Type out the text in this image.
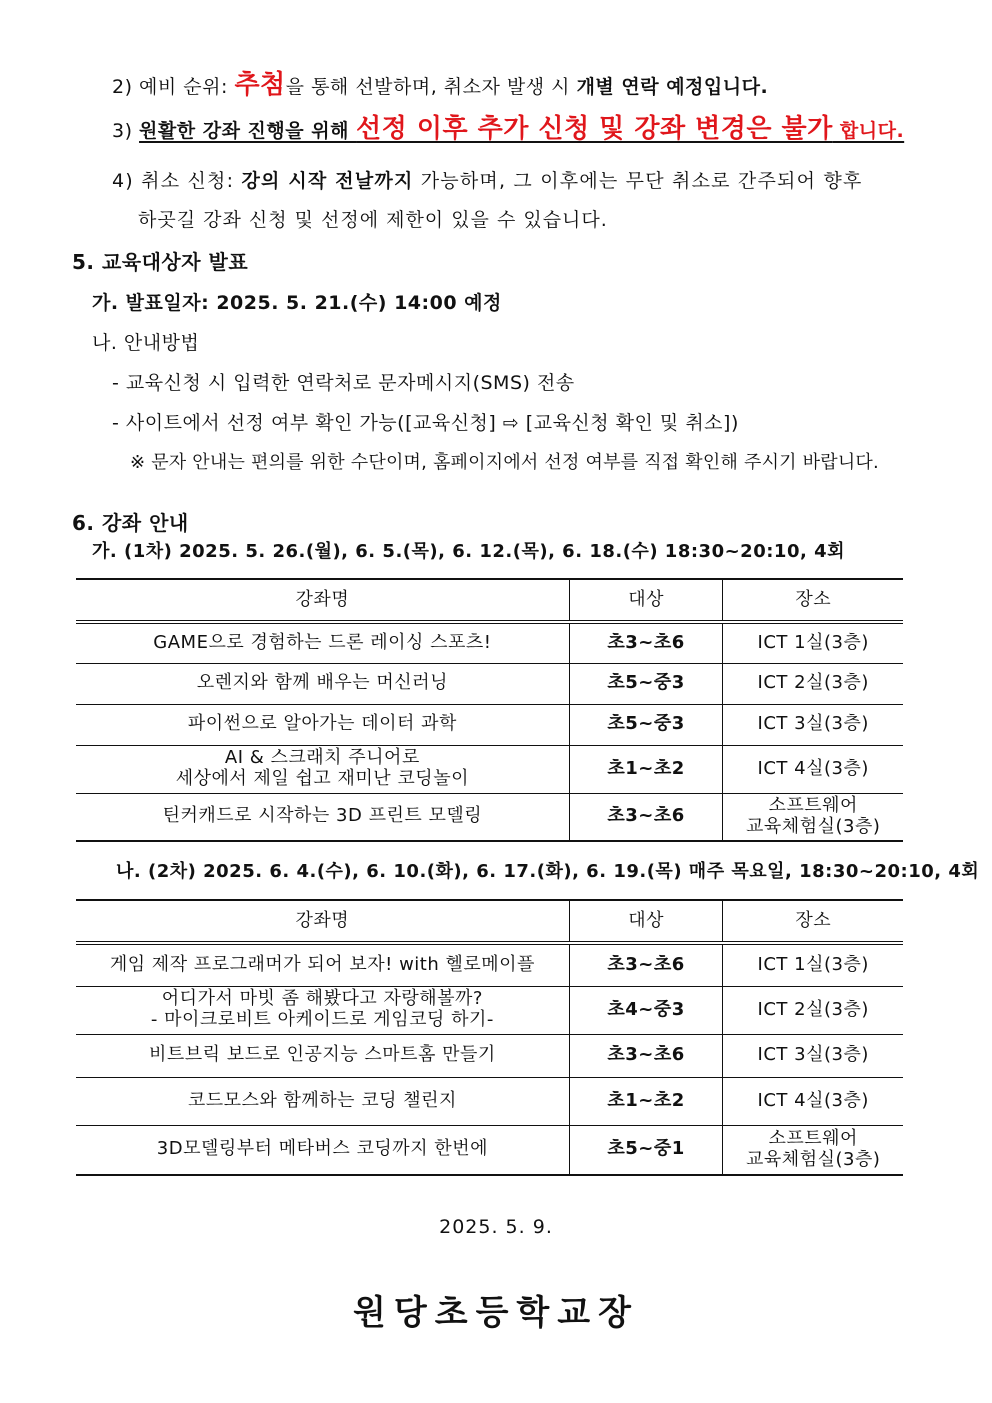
2) 예비 순위: 추첨을 통해 선발하며, 취소자 발생 시 개별 연락 예정입니다.
3) 원활한 강좌 진행을 위해 선정 이후 추가 신청 및 강좌 변경은 불가 합니다.
4) 취소 신청: 강의 시작 전날까지 가능하며, 그 이후에는 무단 취소로 간주되어 향후
하곳길 강좌 신청 및 선정에 제한이 있을 수 있습니다.
5. 교육대상자 발표
가. 발표일자: 2025. 5. 21.(수) 14:00 예정
나. 안내방법
- 교육신청 시 입력한 연락처로 문자메시지(SMS) 전송
- 사이트에서 선정 여부 확인 가능([교육신청] ⇨ [교육신청 확인 및 취소])
※ 문자 안내는 편의를 위한 수단이며, 홈페이지에서 선정 여부를 직접 확인해 주시기 바랍니다.
6. 강좌 안내
가. (1차) 2025. 5. 26.(월), 6. 5.(목), 6. 12.(목), 6. 18.(수) 18:30~20:10, 4회
강좌명	대상	장소
GAME으로 경험하는 드론 레이싱 스포츠!	초3~초6	ICT 1실(3층)
오렌지와 함께 배우는 머신러닝	초5~중3	ICT 2실(3층)
파이썬으로 알아가는 데이터 과학	초5~중3	ICT 3실(3층)

AI & 스크래치 주니어로
세상에서 제일 쉽고 재미난 코딩놀이	초1~초2	ICT 4실(3층)
틴커캐드로 시작하는 3D 프린트 모델링	초3~초6	소프트웨어
교육체험실(3층)
나. (2차) 2025. 6. 4.(수), 6. 10.(화), 6. 17.(화), 6. 19.(목) 매주 목요일, 18:30~20:10, 4회
강좌명	대상	장소
게임 제작 프로그래머가 되어 보자! with 헬로메이플	초3~초6	ICT 1실(3층)

어디가서 마빗 좀 해봤다고 자랑해볼까?
- 마이크로비트 아케이드로 게임코딩 하기-	초4~중3	ICT 2실(3층)
비트브릭 보드로 인공지능 스마트홈 만들기	초3~초6	ICT 3실(3층)
코드모스와 함께하는 코딩 챌린지	초1~초2	ICT 4실(3층)
3D모델링부터 메타버스 코딩까지 한번에	초5~중1	소프트웨어
교육체험실(3층)
2025. 5. 9.
원당초등학교장
